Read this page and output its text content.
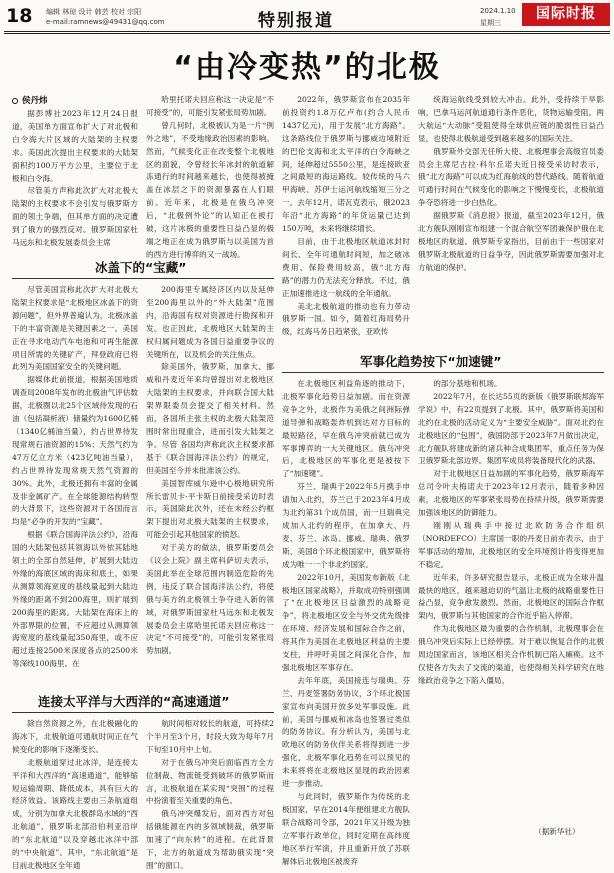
18 编辑 林琼 设计 韩芸 校对 宗阳
e-mail:ramnews@49431@qq.com	特别报道	2024.1.10
星期三
国际时报
“由冷变热”的北极
侯丹炜

据彭博社2023年12月24日报道，美国单方面宣布扩大了对北极和白令海大片区域的大陆架的主权要求。美国此次提出主权要求的大陆架面积约100万平方公里，主要位于北极和白令海。

尽管美方声称此次扩大对北极大陆架的主权要求不会引发与俄罗斯方面的领土争端，但其单方面的决定遭到了俄方的强烈反对。俄罗斯国家杜马远东和北极发展委员会主席

哈里托诺夫回应称这一决定是“不可接受”的，可能引发紧张局势加剧。

曾几何时，北极被认为是一片“例外之地”，不受地缘政治因素的影响。然而，气候变化正在改变整个北极地区的面貌，令曾经长年冰封的航道解冻通行的时间越来越长，也使得被掩盖在冰层之下的资源暴露在人们眼前。近年来，北极是在俄乌冲突后，“北极例外论”的认知正在被打破，这片冰极的重要性日益凸显的极端之地正在成为俄罗斯与以美国为首的西方进行博弈的又一战场。

2022年，俄罗斯宣布在2035年前投资约1.8万亿卢布(约合人民币1437亿元)，用于发展“北方海路”。这条路线位于俄罗斯与挪威边境附近的巴伦支海和北太平洋的白令海峡之间，延伸超过5550公里，是连接欧亚之间最短的海运路线。较传统的马六甲海峡、苏伊士运河航线缩短三分之一。去年12月，诺瓦克表示，俄2023年沿“北方海路”的年货运量已达到150万吨，未来将继续增长。

目前，由于北极地区航道冰封时间长、全年可通航时间短，加之破冰费用、保险费用较高，俄“北方海路”的潜力仍无法充分释放。不过，俄正加速推进这一航线的全年通航。

美北北极航道的推动也有力带动俄罗斯一国。如今，随着红海局势升级，红海马务日趋紧张，亚欧传

统海运航线受到较大冲击。此外，受持续干旱影响，巴拿马运河航道通行条件恶化，货物运输受阻。两大航运“大动脉”受阻使得全球供应链的脆弱性日益凸显，也使得北极航道受到越来越多的国际关注。

俄罗斯外交部无任所大使、北极理事会高级官员委员会主席尼古拉·科尔丘诺夫近日接受采访时表示，俄“北方海路”可以成为红海航线的替代路线。随着航道可通行时间在气候变化的影响之下慢慢变长，北极航道争夺恐将进一步白热化。

据俄罗斯《消息报》报道，截至2023年12月，俄北方舰队刚刚宣布组建一个混合航空军团兼保护俄在北极地区的航道。俄罗斯专家指出，目前由于一些国家对俄罗斯北极航道的日益争夺，因此俄罗斯需要加强对北方航道的保护。

冰盖下的“宝藏”

尽管美国宣称此次扩大对北极大陆架主权要求是“北极地区冰盖下的资源问题”，但外界普遍认为，北极冰盖下的丰富资源是关键因素之一。美国正在寻求电动汽车电池和可再生能源项目所需的关键矿产，拜登政府已将此列为美国国家安全的关键问题。

据媒体此前报道，根据美国地质调查局2008年发布的北极油气评估数据，北极圈以北25个区域待发现的石油（包括凝析液）储量约为1600亿桶（1340亿桶油当量），约占世界待发现常规石油资源的15%；天然气约为47万亿立方米（423亿吨油当量），约占世界待发现常规天然气资源的30%。此外，北极还拥有丰富的金属及非金属矿产。在全球能源结构转型的大背景下，这些资源对于各国而言均是“必争的开发的“宝藏”。

根据《联合国海洋法公约》，沿海国的大陆架包括其领海以外依其陆地领土的全部自然延伸，扩展到大陆边外缘的海底区域的海床和底土，如果从测算领海宽度的基线量起到大陆边外缘的距离不到200海里，则扩展到200海里的距离。大陆架在海床上的外部界限的位置，不应超过从测算领海宽度的基线量起350海里，或不应超过连接2500米深度各点的2500米等深线100海里。在

200海里专属经济区内以及延伸至200海里以外的“外大陆架”范围内，沿海国有权对资源进行勘探和开发。也正因此，北极地区大陆架的主权归属问题成为各国日益重要争议的关键所在，以及机会的关注焦点。

除美国外，俄罗斯、加拿大、挪威和丹麦近年来均曾提出对北极地区大陆架的主权要求，并向联合国大陆架界限委员会提交了相关材料。然而，各国所主张主权的北极大陆架范围时常出现重合，进而引发大陆架之争。尽管 各国均声称此次主权要求都基于《联合国海洋法公约》的规定，但美国至今并未批准该公约。

美国智库威尔逊中心极地研究所所长雷贝卡·平卡斯日前接受采访时表示，美国除此次外，还在未经公约框架下提出对北极大陆架的主权要求，可能会引起其他国家的愤怒。

对于美方的做法，俄罗斯要员会《议会上院》副主席科萨切夫表示，美国此举在全球范围内制造危险的先例，违反了联合国海洋法公约，将使俄与美方的北极领土争夺进入新的领域，对俄罗斯国家杜马远东和北极发展委员会主席哈里托诺夫回应称这一决定“不可接受”的，可能引发紧张局势加剧。

连接太平洋与大西洋的“高速通道”

除自然资源之外，在北极融化的海冰下，北极航道可通航时间正在气候变化的影响下逐渐变长。

北极航道穿过北冰洋，是连接太平洋和大西洋的“高速通道”，能够缩短运输周期、降低成本，具有巨大的经济效益。该路线主要由三条航道组成，分别为加拿大北极群岛水域的“西北航道”、俄罗斯北部沿伯利亚沿岸的“东北航道”以及穿越北冰洋中部的“中央航道”。其中，“东北航道”是目前北极地区全年通

航时间相对较长的航道，可持续2个半月至3个月，时段大致为每年7月下旬至10月中上旬。

对于在俄乌冲突后面临西方全方位制裁、物流链受到破坏的俄罗斯而言，北极航道在某实现“突围”的过程中扮演着至关重要的角色。

俄乌冲突爆发后，面对西方对包括俄能源在内的多领域制裁，俄罗斯加速了“向东转”的进程。在此背景下，北方的航道成为帮助俄实现“突围”的窗口。

军事化趋势按下“加速键”

在北极地区利益角逐的推动下，北极军事化趋势日益加剧。而在资源竞争之外，北极作为美俄之间洲际弹道导弹和战略轰炸机到达对方目标的最短路径，早在俄乌冲突前就已成为军事博弈的一大关键地区。俄乌冲突后，北极地区的军事化更是被按下了“加速键”。

芬兰、瑞典于2022年5月携手申请加入北约，芬兰已于2023年4月成为北约第31个成员国，而一旦瑞典完成加入北约的程序，在加拿大、丹麦、芬兰、冰岛、挪威、瑞典、俄罗斯、美国8个环北极国家中，俄罗斯将成为唯一一个非北约国家。

2022年10月，美国发布新版《北极地区国家战略》，并取成功特别强调了“在北极地区日益激烈的战略竞争”，将北极地区安全与外交优先级排在环境、经济发展和国际合作之前，将其作为美国在北极地区利益的主要支柱，并呼吁美国之间深化合作，加强北极地区军事存在。

去年年底，美国接连与瑞典、芬兰、丹麦签署防务协议，3个环北极国家宣布向美国开放多处军事设施。此前，美国与挪威和冰岛也签署过类似的防务协议。有分析认为，美国与北欧地区的防务伙伴关系将得到进一步强化，北极军事化趋势在可以预见的未来将将在北极地区显现的政治因素进一步推动。

与此同时，俄罗斯作为传统的北极国家，早在2014年便组建北方舰队联合战略司令部，2021年又升级为独立军事行政单位，同时定期在高纬度地区举行军演，并且重新开放了苏联解体后北极地区被废弃

的部分基地和机场。

2022年7月，在长达55页的新版《俄罗斯联邦海军学说》中，有22页提到了北极。其中，俄罗斯将美国和北约在北极的活动定义为“主要安全威胁”。面对北约在北极地区的“包围”，俄国防部于2023年7月做出决定，北方舰队将建成新的诸兵种合成集团军，重点任务为保卫俄罗斯北部边界。集团军成员将装备现代化的武器。

对于北极地区日益加剧的军事化趋势，俄罗斯海军总司令叶夫梅诺夫于2023年12月表示，随着多种因素，北极地区的军事紧张局势在持续升级，俄罗斯需要加强该地区的防御能力。

刚刚从瑞典手中接过北欧防务合作组织（NORDEFCO）主席国一职的丹麦日前亦表示，由于军事活动的增加，北极地区的安全环境预计将变得更加不稳定。

近年来，许多研究报告显示，北极正成为全球升温最快的地区，越来越迫切的气温让北极的战略重要性日益凸显，竞争愈发激烈。然而，北极地区的国际合作框架内，俄罗斯与其他国家的合作近乎陷入停滞。

作为北极地区最为重要的合作机制，北极理事会在俄乌冲突后实际上已经停摆。对于难以恢复合作的北极周边国家而言，该地区相关合作机制已陷入瘫痪。这不仅使各方失去了交流的渠道，也使得相关科学研究在地缘政治竞争之下陷入僵局。

（据新华社）
